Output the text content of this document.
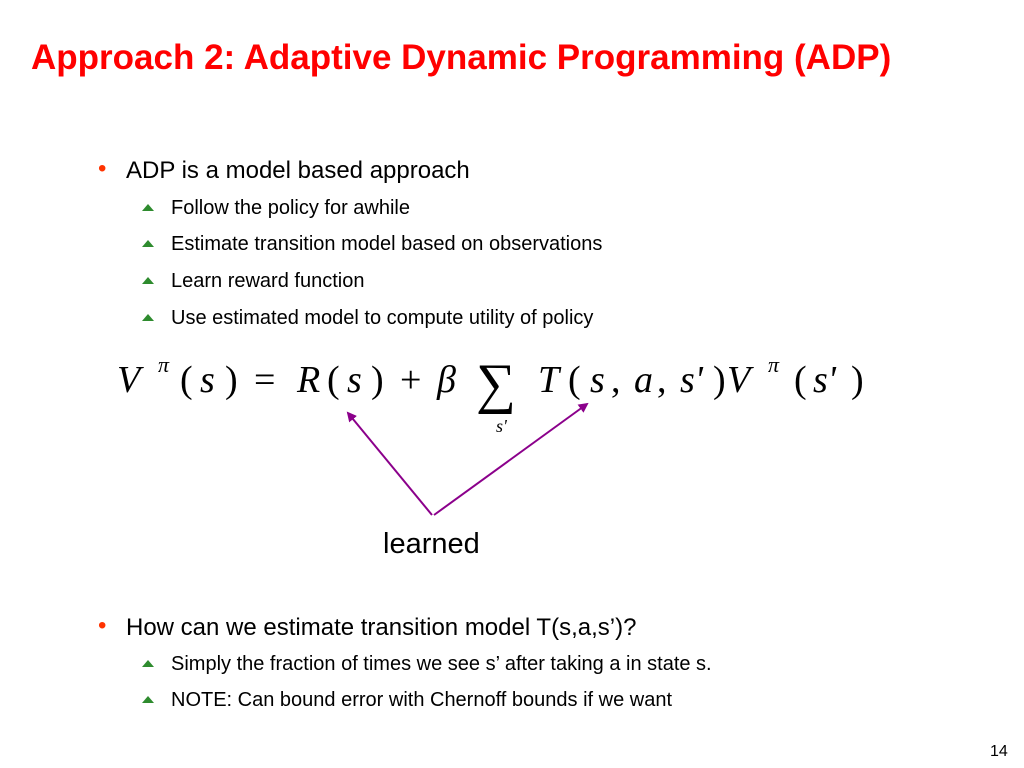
Approach 2: Adaptive Dynamic Programming (ADP)
• ADP is a model based approach
Follow the policy for awhile
Estimate transition model based on observations
Learn reward function
Use estimated model to compute utility of policy
V π ( s ) = R ( s ) + β ∑
s'
T ( s , a , s' ) V π ( s' )
learned
• How can we estimate transition model T(s,a,s’)?
Simply the fraction of times we see s’ after taking a in state s.
NOTE: Can bound error with Chernoff bounds if we want
14
